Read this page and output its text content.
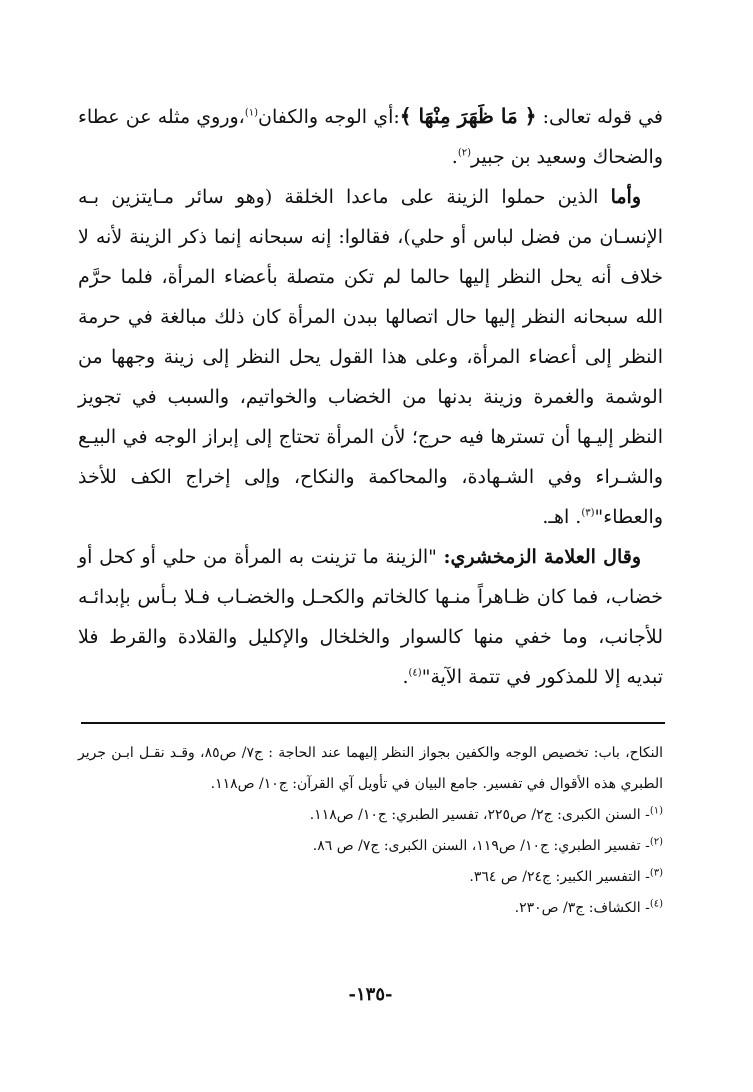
في قوله تعالى: ﴿ مَا ظَهَرَ مِنْهَا ﴾:أي الوجه والكفان$^{(١)}$،وروي مثله عن عطاء والضحاك وسعيد بن جبير$^{(٢)}$.

وأما الذين حملوا الزينة على ماعدا الخلقة (وهو سائر مـايتزين بـه الإنسـان من فضل لباس أو حلي)، فقالوا: إنه سبحانه إنما ذكر الزينة لأنه لا خلاف أنه يحل النظر إليها حالما لم تكن متصلة بأعضاء المرأة، فلما حرَّم الله سبحانه النظر إليها حال اتصالها ببدن المرأة كان ذلك مبالغة في حرمة النظر إلى أعضاء المرأة، وعلى هذا القول يحل النظر إلى زينة وجهها من الوشمة والغمرة وزينة بدنها من الخضاب والخواتيم، والسبب في تجويز النظر إليـها أن تسترها فيه حرج؛ لأن المرأة تحتاج إلى إبراز الوجه في البيـع والشـراء وفي الشـهادة، والمحاكمة والنكاح، وإلى إخراج الكف للأخذ والعطاء"$^{(٣)}$. اهـ.

وقال العلامة الزمخشري: "الزينة ما تزينت به المرأة من حلي أو كحل أو خضاب، فما كان ظـاهراً منـها كالخاتم والكحـل والخضـاب فـلا بـأس بإبدائـه للأجانب، وما خفي منها كالسوار والخلخال والإكليل والقلادة والقرط فلا تبديه إلا للمذكور في تتمة الآية"$^{(٤)}$.

النكاح، باب: تخصيص الوجه والكفين بجواز النظر إليهما عند الحاجة : ج٧/ ص٨٥، وقـد نقـل ابـن جرير الطبري هذه الأقوال في تفسير. جامع البيان في تأويل آي القرآن: ج١٠/ ص١١٨.

$^{(١)}$- السنن الكبرى: ج٢/ ص٢٢٥، تفسير الطبري: ج١٠/ ص١١٨.

$^{(٢)}$- تفسير الطبري: ج١٠/ ص١١٩، السنن الكبرى: ج٧/ ص ٨٦.

$^{(٣)}$- التفسير الكبير: ج٢٤/ ص ٣٦٤.

$^{(٤)}$- الكشاف: ج٣/ ص٢٣٠.

-١٣٥-
